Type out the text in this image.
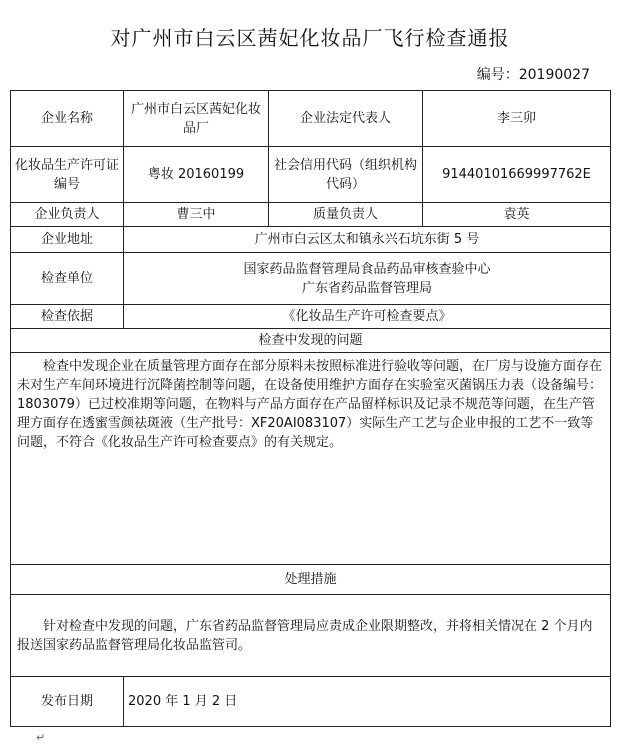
对广州市白云区茜妃化妆品厂飞行检查通报
编号：20190027
企业名称	广州市白云区茜妃化妆品厂	企业法定代表人	李三卯
化妆品生产许可证编号	粤妆 20160199	社会信用代码（组织机构代码）	91440101669997762E
企业负责人	曹三中	质量负责人	袁英
企业地址	广州市白云区太和镇永兴石坑东街 5 号		
检查单位	国家药品监督管理局食品药品审核查验中心
广东省药品监督管理局		

检查依据	《化妆品生产许可检查要点》		
检查中发现的问题			

检查中发现企业在质量管理方面存在部分原料未按照标准进行验收等问题，在厂房与设施方面存在未对生产车间环境进行沉降菌控制等问题，在设备使用维护方面存在实验室灭菌锅压力表（设备编号：1803079）已过校准期等问题，在物料与产品方面存在产品留样标识及记录不规范等问题，在生产管理方面存在透蜜雪颜祛斑液（生产批号：XF20AI083107）实际生产工艺与企业申报的工艺不一致等问题，不符合《化妆品生产许可检查要点》的有关规定。			

处理措施			

针对检查中发现的问题，广东省药品监督管理局应责成企业限期整改，并将相关情况在 2 个月内报送国家药品监督管理局化妆品监管司。			

发布日期	2020 年 1 月 2 日		
↵
